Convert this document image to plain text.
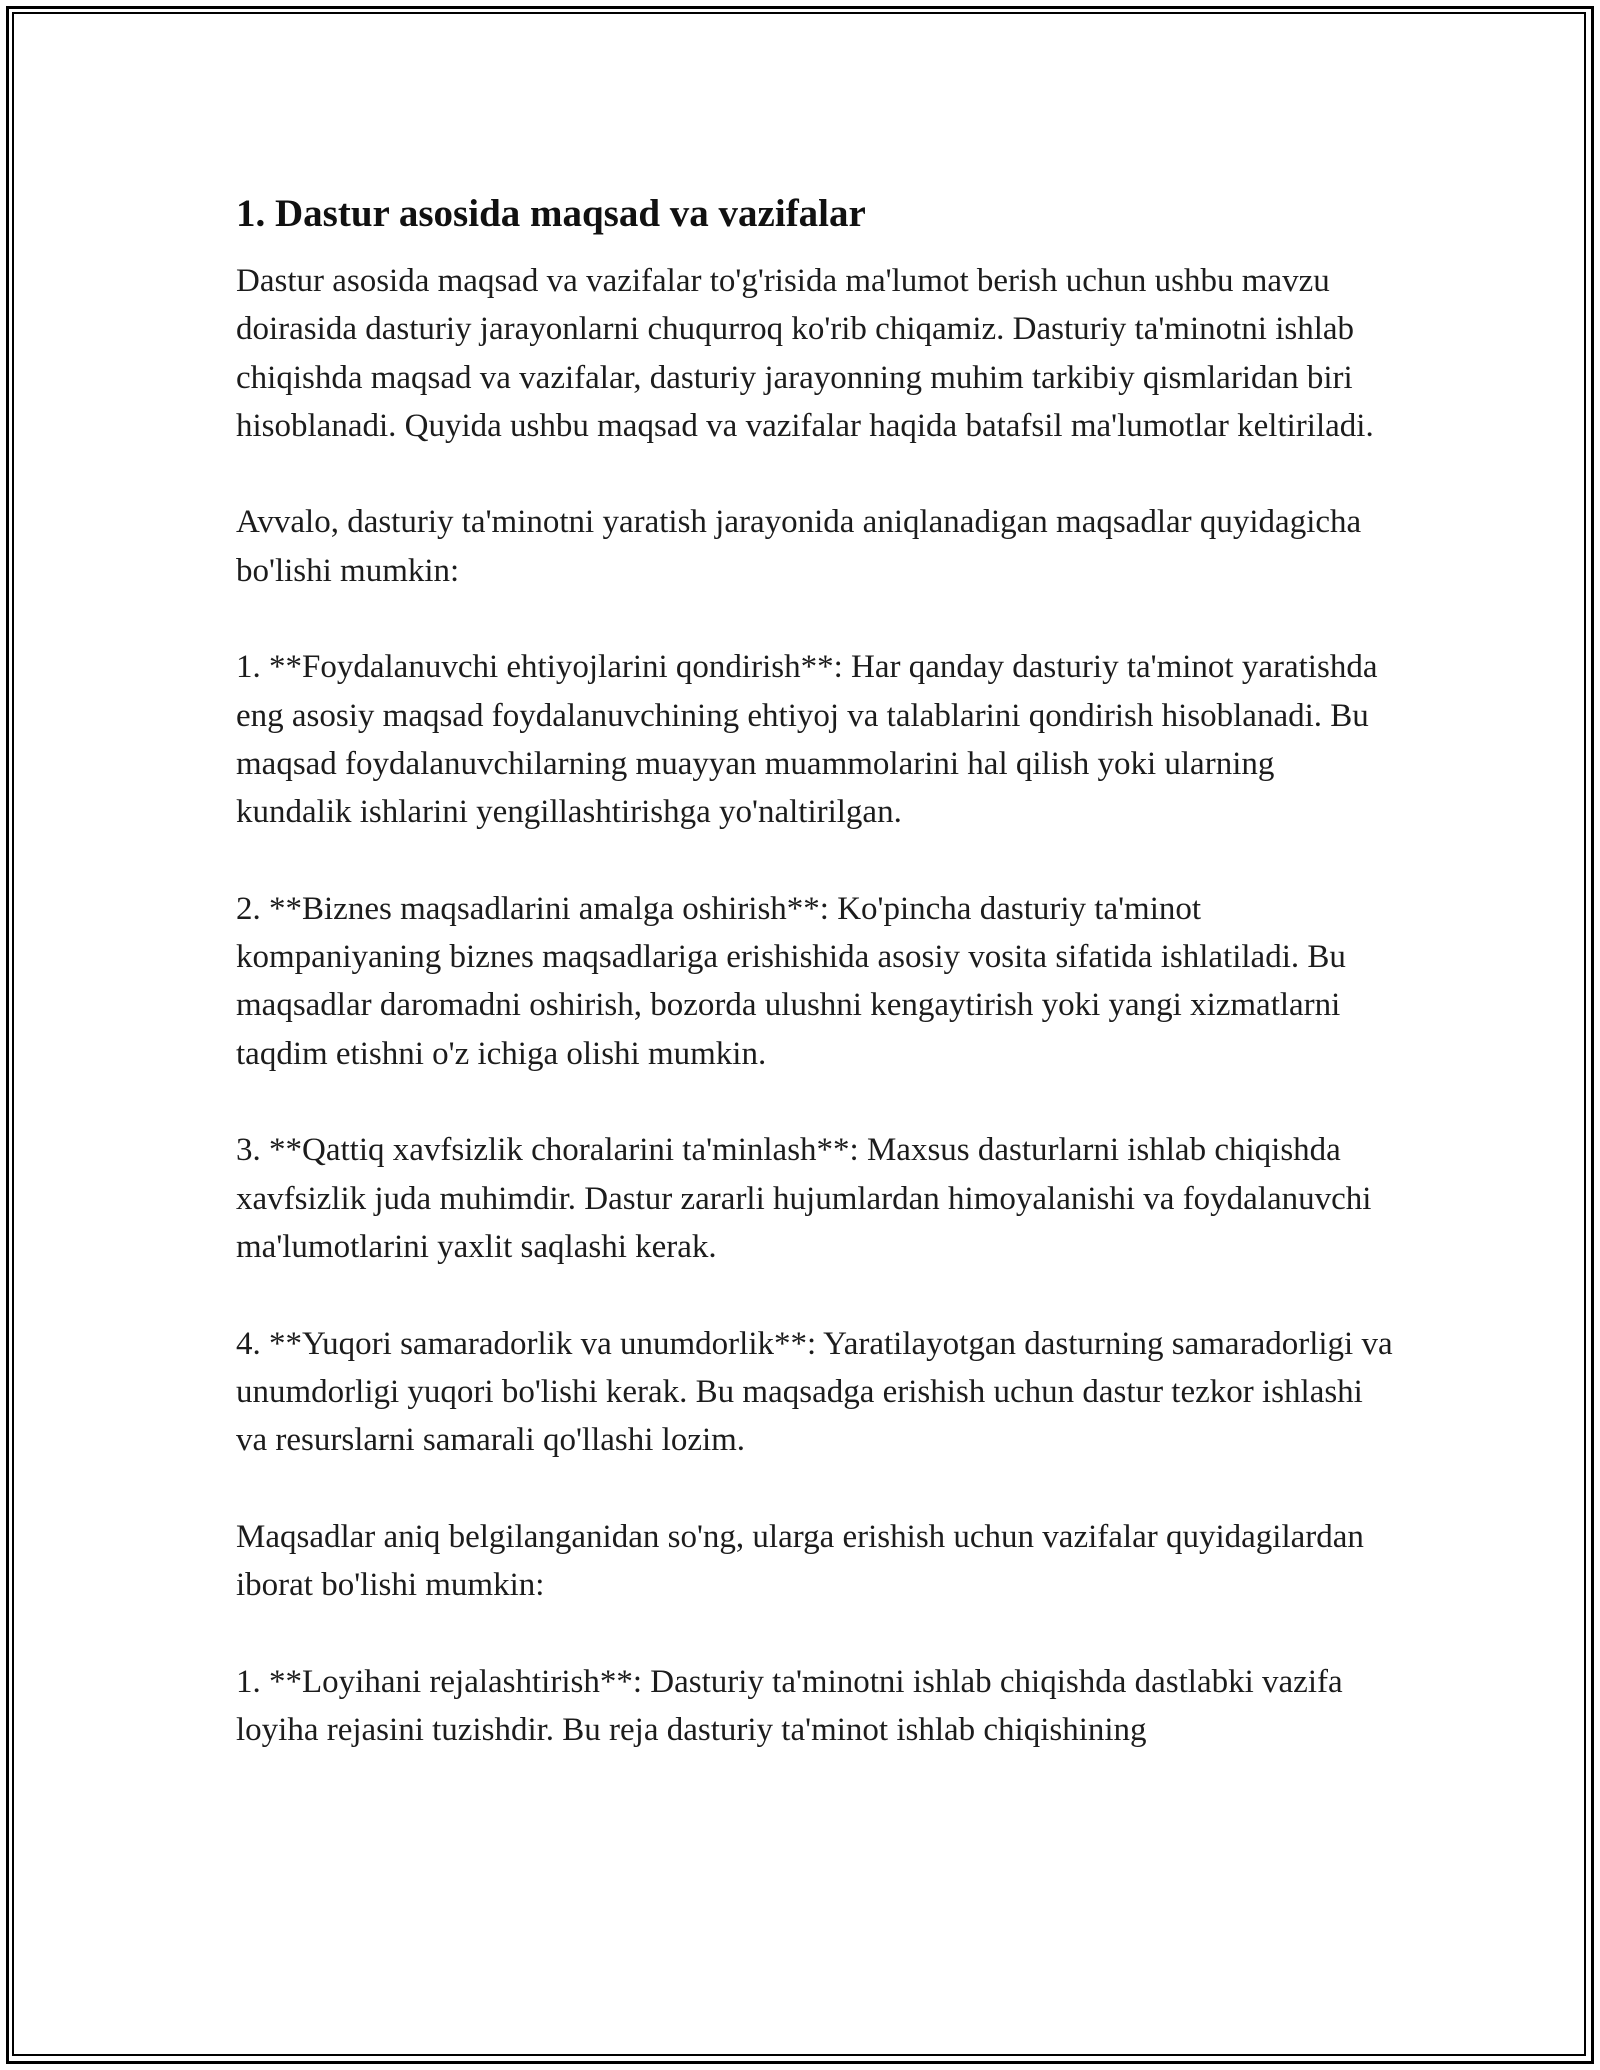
1. Dastur asosida maqsad va vazifalar

Dastur asosida maqsad va vazifalar to'g'risida ma'lumot berish uchun ushbu mavzu doirasida dasturiy jarayonlarni chuqurroq ko'rib chiqamiz. Dasturiy ta'minotni ishlab chiqishda maqsad va vazifalar, dasturiy jarayonning muhim tarkibiy qismlaridan biri hisoblanadi. Quyida ushbu maqsad va vazifalar haqida batafsil ma'lumotlar keltiriladi.

Avvalo, dasturiy ta'minotni yaratish jarayonida aniqlanadigan maqsadlar quyidagicha bo'lishi mumkin:

1. **Foydalanuvchi ehtiyojlarini qondirish**: Har qanday dasturiy ta'minot yaratishda eng asosiy maqsad foydalanuvchining ehtiyoj va talablarini qondirish hisoblanadi. Bu maqsad foydalanuvchilarning muayyan muammolarini hal qilish yoki ularning kundalik ishlarini yengillashtirishga yo'naltirilgan.

2. **Biznes maqsadlarini amalga oshirish**: Ko'pincha dasturiy ta'minot kompaniyaning biznes maqsadlariga erishishida asosiy vosita sifatida ishlatiladi. Bu maqsadlar daromadni oshirish, bozorda ulushni kengaytirish yoki yangi xizmatlarni taqdim etishni o'z ichiga olishi mumkin.

3. **Qattiq xavfsizlik choralarini ta'minlash**: Maxsus dasturlarni ishlab chiqishda xavfsizlik juda muhimdir. Dastur zararli hujumlardan himoyalanishi va foydalanuvchi ma'lumotlarini yaxlit saqlashi kerak.

4. **Yuqori samaradorlik va unumdorlik**: Yaratilayotgan dasturning samaradorligi va unumdorligi yuqori bo'lishi kerak. Bu maqsadga erishish uchun dastur tezkor ishlashi va resurslarni samarali qo'llashi lozim.

Maqsadlar aniq belgilanganidan so'ng, ularga erishish uchun vazifalar quyidagilardan iborat bo'lishi mumkin:

1. **Loyihani rejalashtirish**: Dasturiy ta'minotni ishlab chiqishda dastlabki vazifa loyiha rejasini tuzishdir. Bu reja dasturiy ta'minot ishlab chiqishining
